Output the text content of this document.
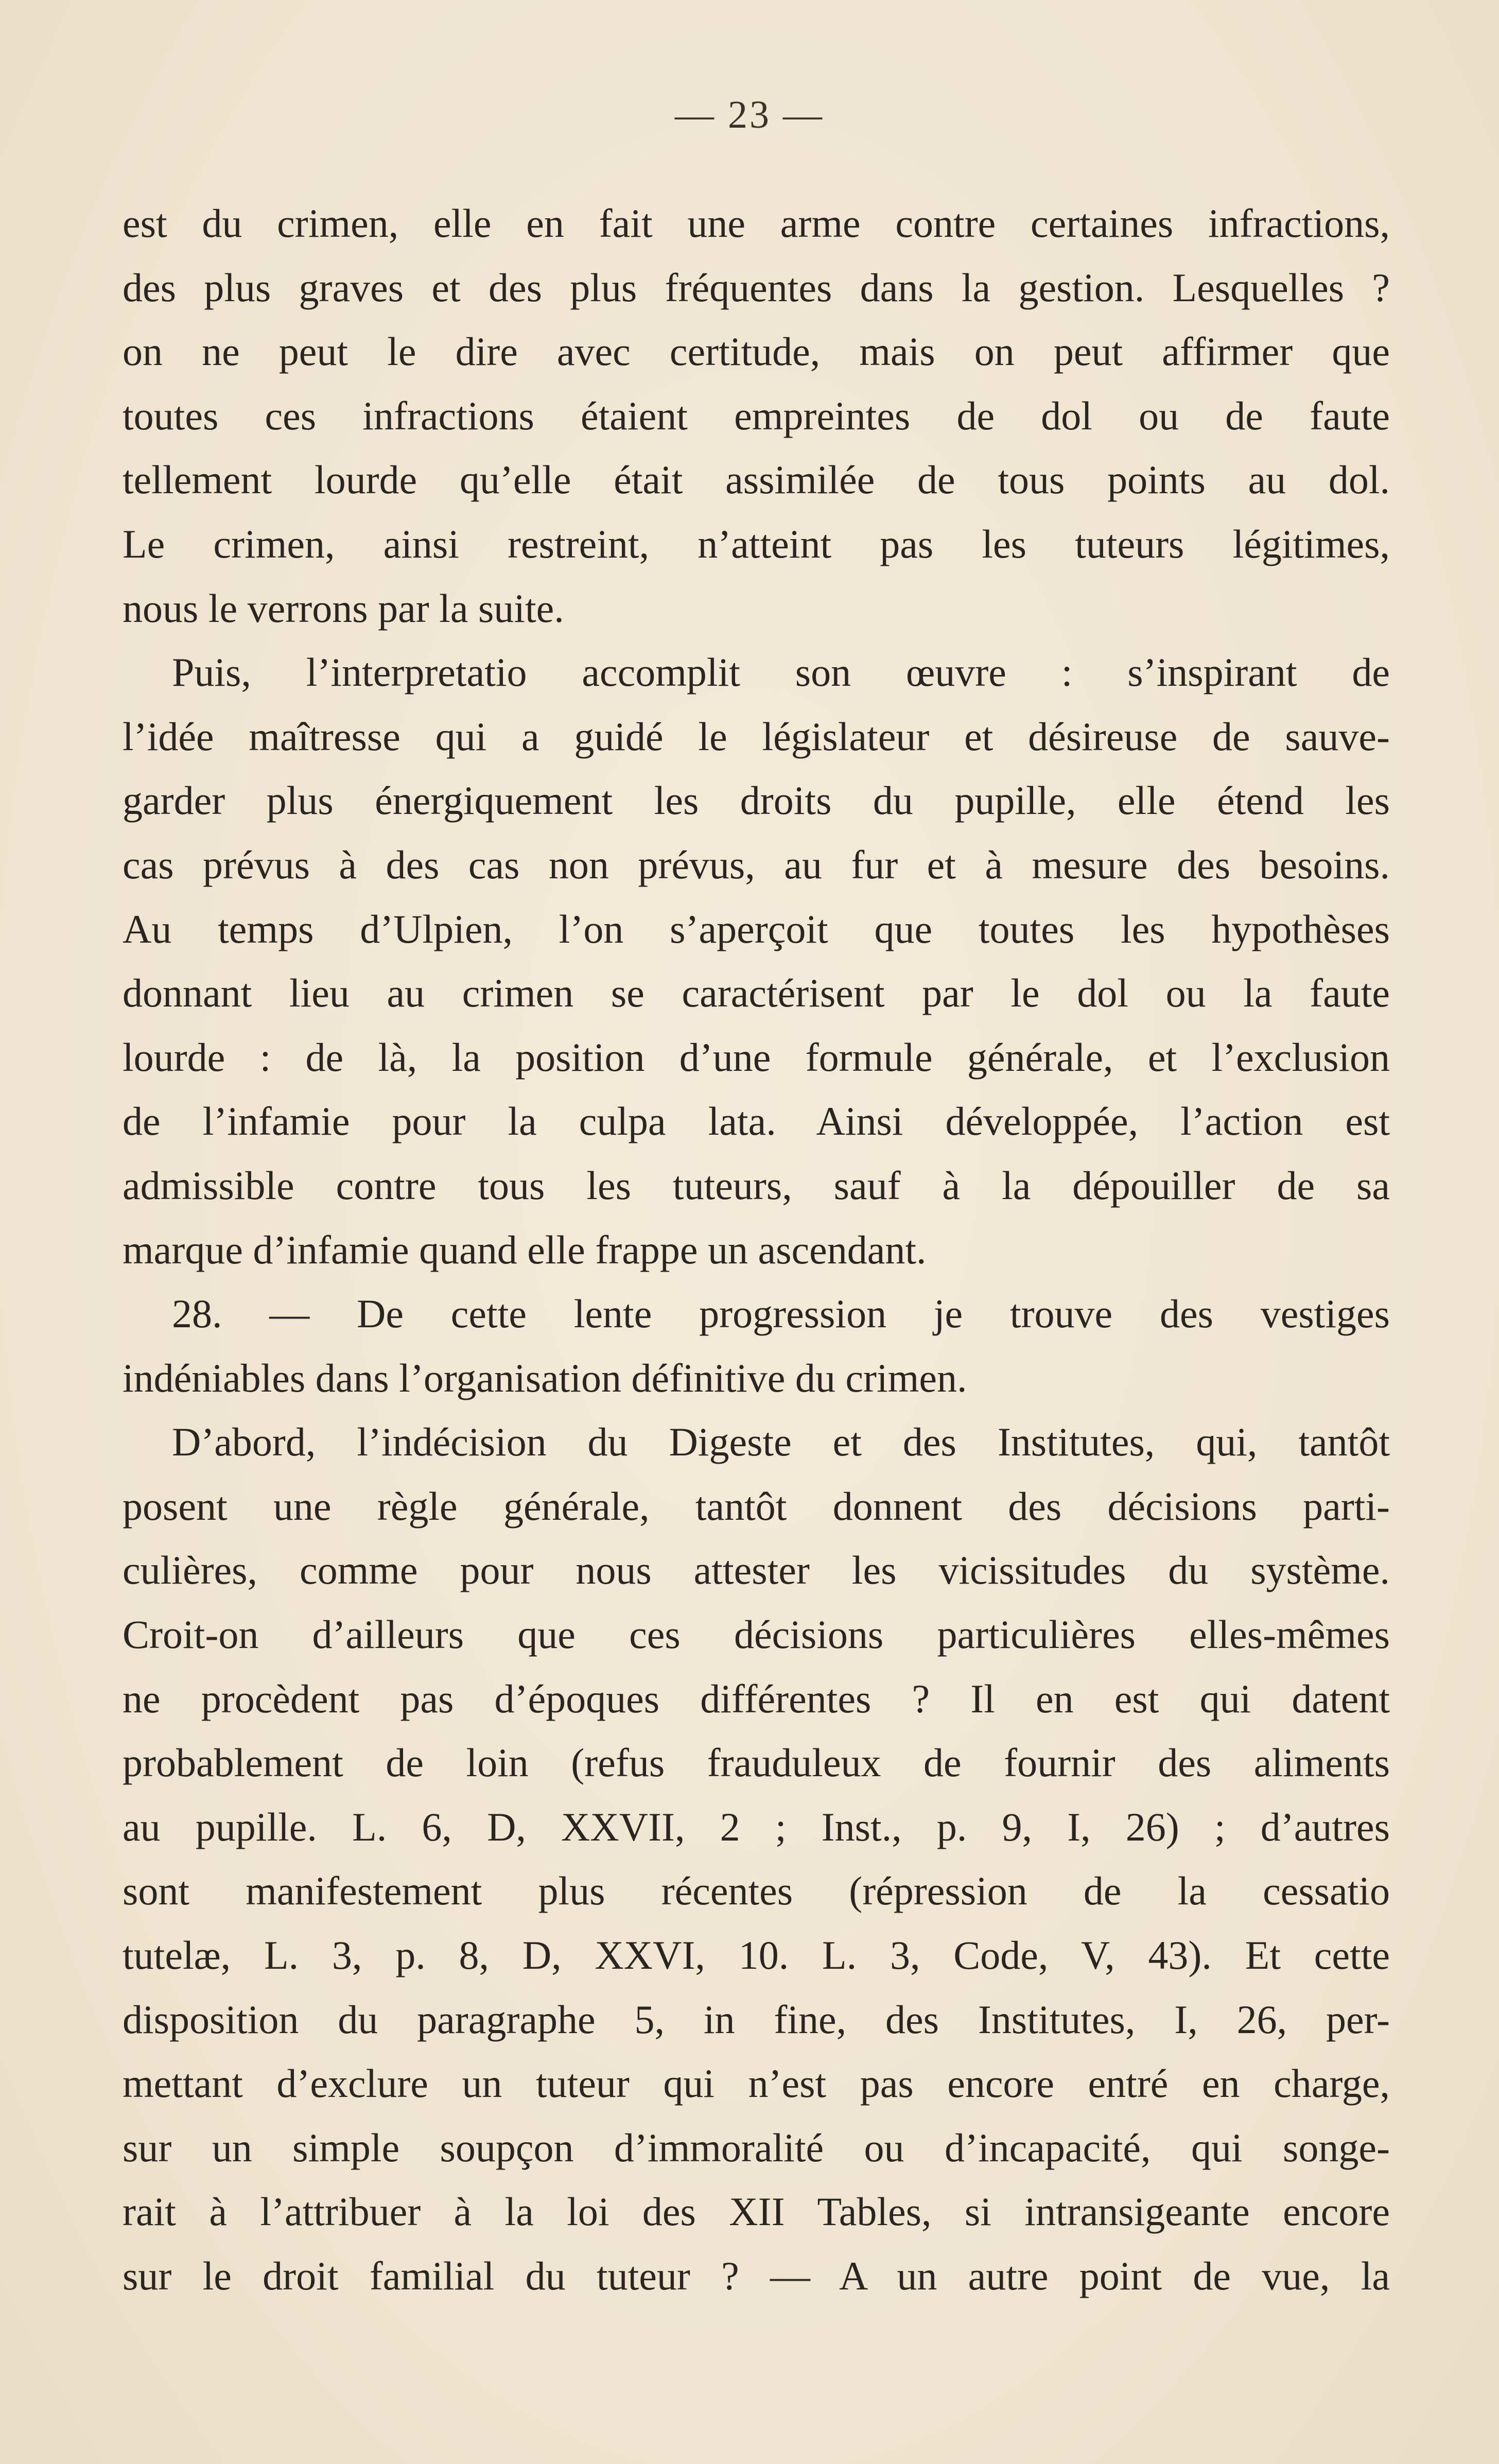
— 23 —
est du crimen, elle en fait une arme contre certaines infractions,
des plus graves et des plus fréquentes dans la gestion. Lesquelles ?
on ne peut le dire avec certitude, mais on peut affirmer que
toutes ces infractions étaient empreintes de dol ou de faute
tellement lourde qu’elle était assimilée de tous points au dol.
Le crimen, ainsi restreint, n’atteint pas les tuteurs légitimes,
nous le verrons par la suite.
Puis, l’interpretatio accomplit son œuvre : s’inspirant de
l’idée maîtresse qui a guidé le législateur et désireuse de sauve-
garder plus énergiquement les droits du pupille, elle étend les
cas prévus à des cas non prévus, au fur et à mesure des besoins.
Au temps d’Ulpien, l’on s’aperçoit que toutes les hypothèses
donnant lieu au crimen se caractérisent par le dol ou la faute
lourde : de là, la position d’une formule générale, et l’exclusion
de l’infamie pour la culpa lata. Ainsi développée, l’action est
admissible contre tous les tuteurs, sauf à la dépouiller de sa
marque d’infamie quand elle frappe un ascendant.
28. — De cette lente progression je trouve des vestiges
indéniables dans l’organisation définitive du crimen.
D’abord, l’indécision du Digeste et des Institutes, qui, tantôt
posent une règle générale, tantôt donnent des décisions parti-
culières, comme pour nous attester les vicissitudes du système.
Croit-on d’ailleurs que ces décisions particulières elles-mêmes
ne procèdent pas d’époques différentes ? Il en est qui datent
probablement de loin (refus frauduleux de fournir des aliments
au pupille. L. 6, D, XXVII, 2 ; Inst., p. 9, I, 26) ; d’autres
sont manifestement plus récentes (répression de la cessatio
tutelæ, L. 3, p. 8, D, XXVI, 10. L. 3, Code, V, 43). Et cette
disposition du paragraphe 5, in fine, des Institutes, I, 26, per-
mettant d’exclure un tuteur qui n’est pas encore entré en charge,
sur un simple soupçon d’immoralité ou d’incapacité, qui songe-
rait à l’attribuer à la loi des XII Tables, si intransigeante encore
sur le droit familial du tuteur ? — A un autre point de vue, la
